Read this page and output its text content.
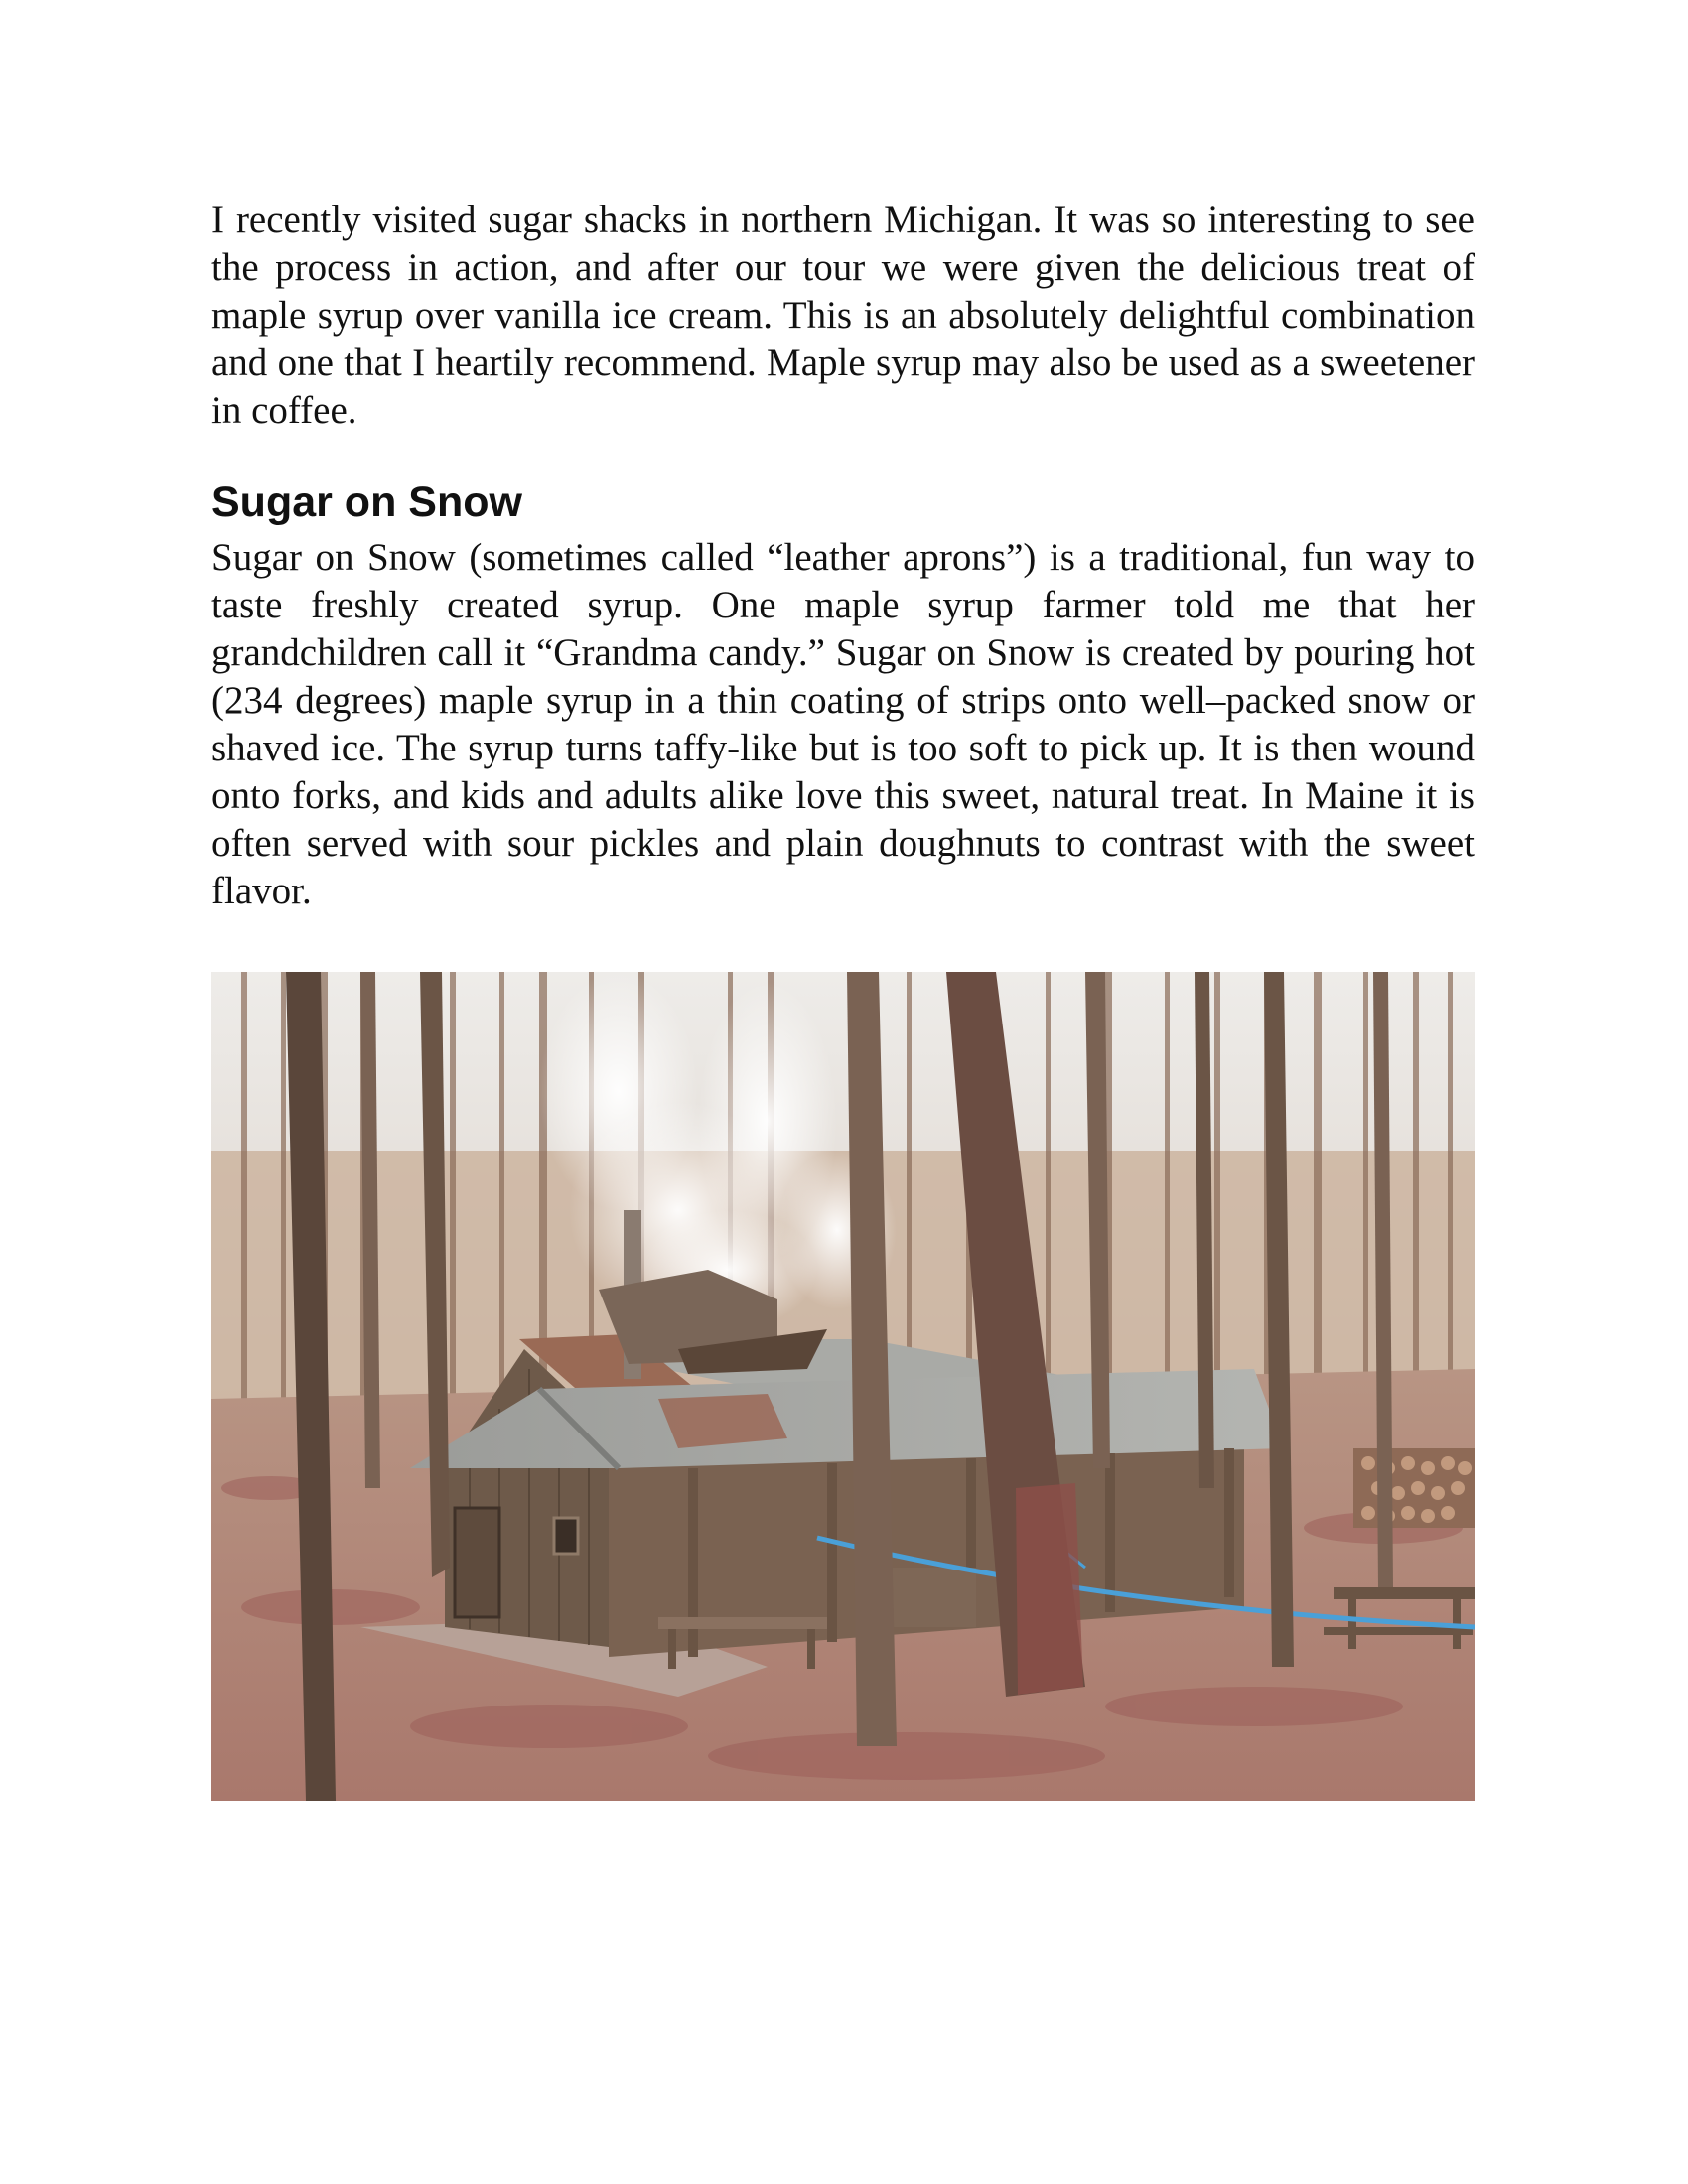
I recently visited sugar shacks in northern Michigan. It was so interesting to see the process in action, and after our tour we were given the delicious treat of maple syrup over vanilla ice cream. This is an absolutely delightful combination and one that I heartily recommend. Maple syrup may also be used as a sweetener in coffee.

Sugar on Snow

Sugar on Snow (sometimes called “leather aprons”) is a traditional, fun way to taste freshly created syrup. One maple syrup farmer told me that her grandchildren call it “Grandma candy.” Sugar on Snow is created by pouring hot (234 degrees) maple syrup in a thin coating of strips onto well–packed snow or shaved ice. The syrup turns taffy-like but is too soft to pick up. It is then wound onto forks, and kids and adults alike love this sweet, natural treat. In Maine it is often served with sour pickles and plain doughnuts to contrast with the sweet flavor.
